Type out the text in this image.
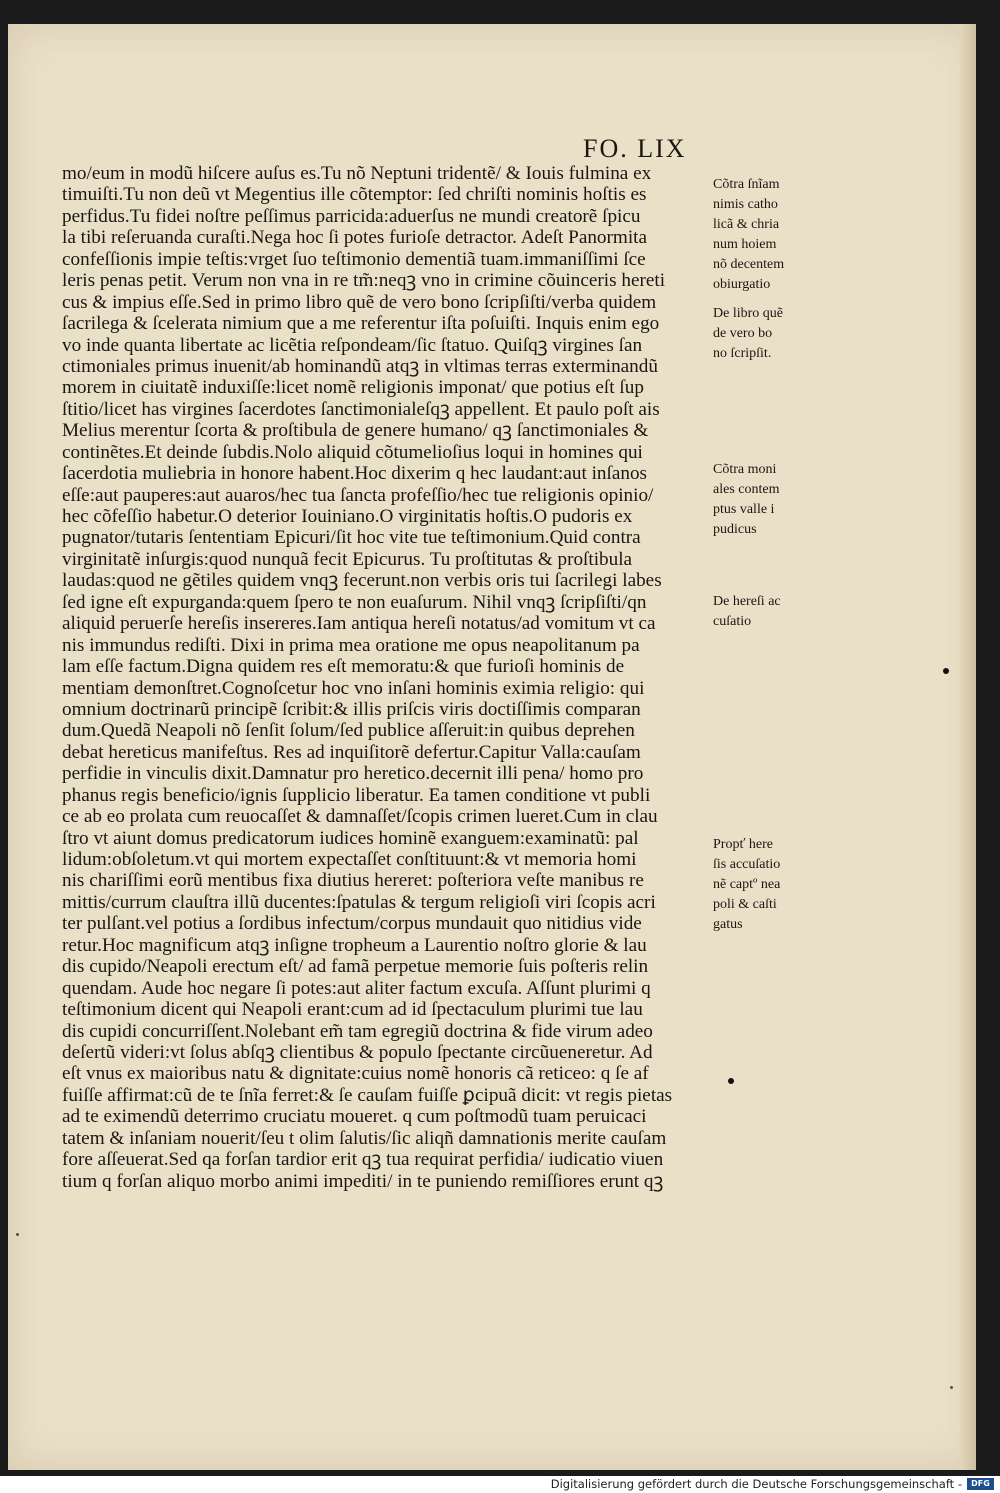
FO. LIX
mo/eum in modũ hiſcere auſus es.Tu nõ Neptuni tridentẽ/ & Iouis fulmina ex
timuiſti.Tu non deũ vt Megentius ille cõtemptor: ſed chriſti nominis hoſtis es
perfidus.Tu fidei noſtre peſſimus parricida:aduerſus ne mundi creatorẽ ſpicu
la tibi reſeruanda curaſti.Nega hoc ſi potes furioſe detractor. Adeſt Panormita
confeſſionis impie teſtis:vrget ſuo teſtimonio dementiã tuam.immaniſſimi ſce
leris penas petit. Verum non vna in re tm̃:neqꝫ vno in crimine cõuinceris hereti
cus & impius eſſe.Sed in primo libro quẽ de vero bono ſcripſiſti/verba quidem
ſacrilega & ſcelerata nimium que a me referentur iſta poſuiſti. Inquis enim ego
vo inde quanta libertate ac licẽtia reſpondeam/ſic ſtatuo. Quiſqꝫ virgines ſan
ctimoniales primus inuenit/ab hominandũ atqꝫ in vltimas terras exterminandũ
morem in ciuitatẽ induxiſſe:licet nomẽ religionis imponat/ que potius eſt ſup
ſtitio/licet has virgines ſacerdotes ſanctimonialeſqꝫ appellent. Et paulo poſt ais
Melius merentur ſcorta & proſtibula de genere humano/ qꝫ ſanctimoniales &
continẽtes.Et deinde ſubdis.Nolo aliquid cõtumelioſius loqui in homines qui
ſacerdotia muliebria in honore habent.Hoc dixerim q hec laudant:aut inſanos
eſſe:aut pauperes:aut auaros/hec tua ſancta profeſſio/hec tue religionis opinio/
hec cõfeſſio habetur.O deterior Iouiniano.O virginitatis hoſtis.O pudoris ex
pugnator/tutaris ſententiam Epicuri/ſit hoc vite tue teſtimonium.Quid contra
virginitatẽ inſurgis:quod nunquã fecit Epicurus. Tu proſtitutas & proſtibula
laudas:quod ne gẽtiles quidem vnqꝫ fecerunt.non verbis oris tui ſacrilegi labes
ſed igne eſt expurganda:quem ſpero te non euaſurum. Nihil vnqꝫ ſcripſiſti/qn
aliquid peruerſe hereſis insereres.Iam antiqua hereſi notatus/ad vomitum vt ca
nis immundus rediſti. Dixi in prima mea oratione me opus neapolitanum pa
lam eſſe factum.Digna quidem res eſt memoratu:& que furioſi hominis de
mentiam demonſtret.Cognoſcetur hoc vno inſani hominis eximia religio: qui
omnium doctrinarũ principẽ ſcribit:& illis priſcis viris doctiſſimis comparan
dum.Quedã Neapoli nõ ſenſit ſolum/ſed publice aſſeruit:in quibus deprehen
debat hereticus manifeſtus. Res ad inquiſitorẽ defertur.Capitur Valla:cauſam
perfidie in vinculis dixit.Damnatur pro heretico.decernit illi pena/ homo pro
phanus regis beneficio/ignis ſupplicio liberatur. Ea tamen conditione vt publi
ce ab eo prolata cum reuocaſſet & damnaſſet/ſcopis crimen lueret.Cum in clau
ſtro vt aiunt domus predicatorum iudices hominẽ exanguem:examinatũ: pal
lidum:obſoletum.vt qui mortem expectaſſet conſtituunt:& vt memoria homi
nis chariſſimi eorũ mentibus fixa diutius hereret: poſteriora veſte manibus re
mittis/currum clauſtra illũ ducentes:ſpatulas & tergum religioſi viri ſcopis acri
ter pulſant.vel potius a ſordibus infectum/corpus mundauit quo nitidius vide
retur.Hoc magnificum atqꝫ inſigne tropheum a Laurentio noſtro glorie & lau
dis cupido/Neapoli erectum eſt/ ad famã perpetue memorie ſuis poſteris relin
quendam. Aude hoc negare ſi potes:aut aliter factum excuſa. Aſſunt plurimi q
teſtimonium dicent qui Neapoli erant:cum ad id ſpectaculum plurimi tue lau
dis cupidi concurriſſent.Nolebant em̃ tam egregiũ doctrina & fide virum adeo
deſertũ videri:vt ſolus abſqꝫ clientibus & populo ſpectante circũueneretur. Ad
eſt vnus ex maioribus natu & dignitate:cuius nomẽ honoris cã reticeo: q ſe af
fuiſſe affirmat:cũ de te ſnĩa ferret:& ſe cauſam fuiſſe ꝑcipuã dicit: vt regis pietas
ad te eximendũ deterrimo cruciatu moueret. q cum poſtmodũ tuam peruicaci
tatem & inſaniam nouerit/ſeu t olim ſalutis/ſic aliqñ damnationis merite cauſam
fore aſſeuerat.Sed qa forſan tardior erit qꝫ tua requirat perfidia/ iudicatio viuen
tium q forſan aliquo morbo animi impediti/ in te puniendo remiſſiores erunt qꝫ
Cõtra ſnĩam
nimis catho
licã & chria
num hoiem
nõ decentem
obiurgatio
De libro quẽ
de vero bo
no ſcripſit.
Cõtra moni
ales contem
ptus valle i
pudicus
De hereſi ac
cuſatio
Propť here
ſis accuſatio
nẽ captº nea
poli & caſti
gatus
Digitalisierung gefördert durch die Deutsche Forschungsgemeinschaft -	DFG
